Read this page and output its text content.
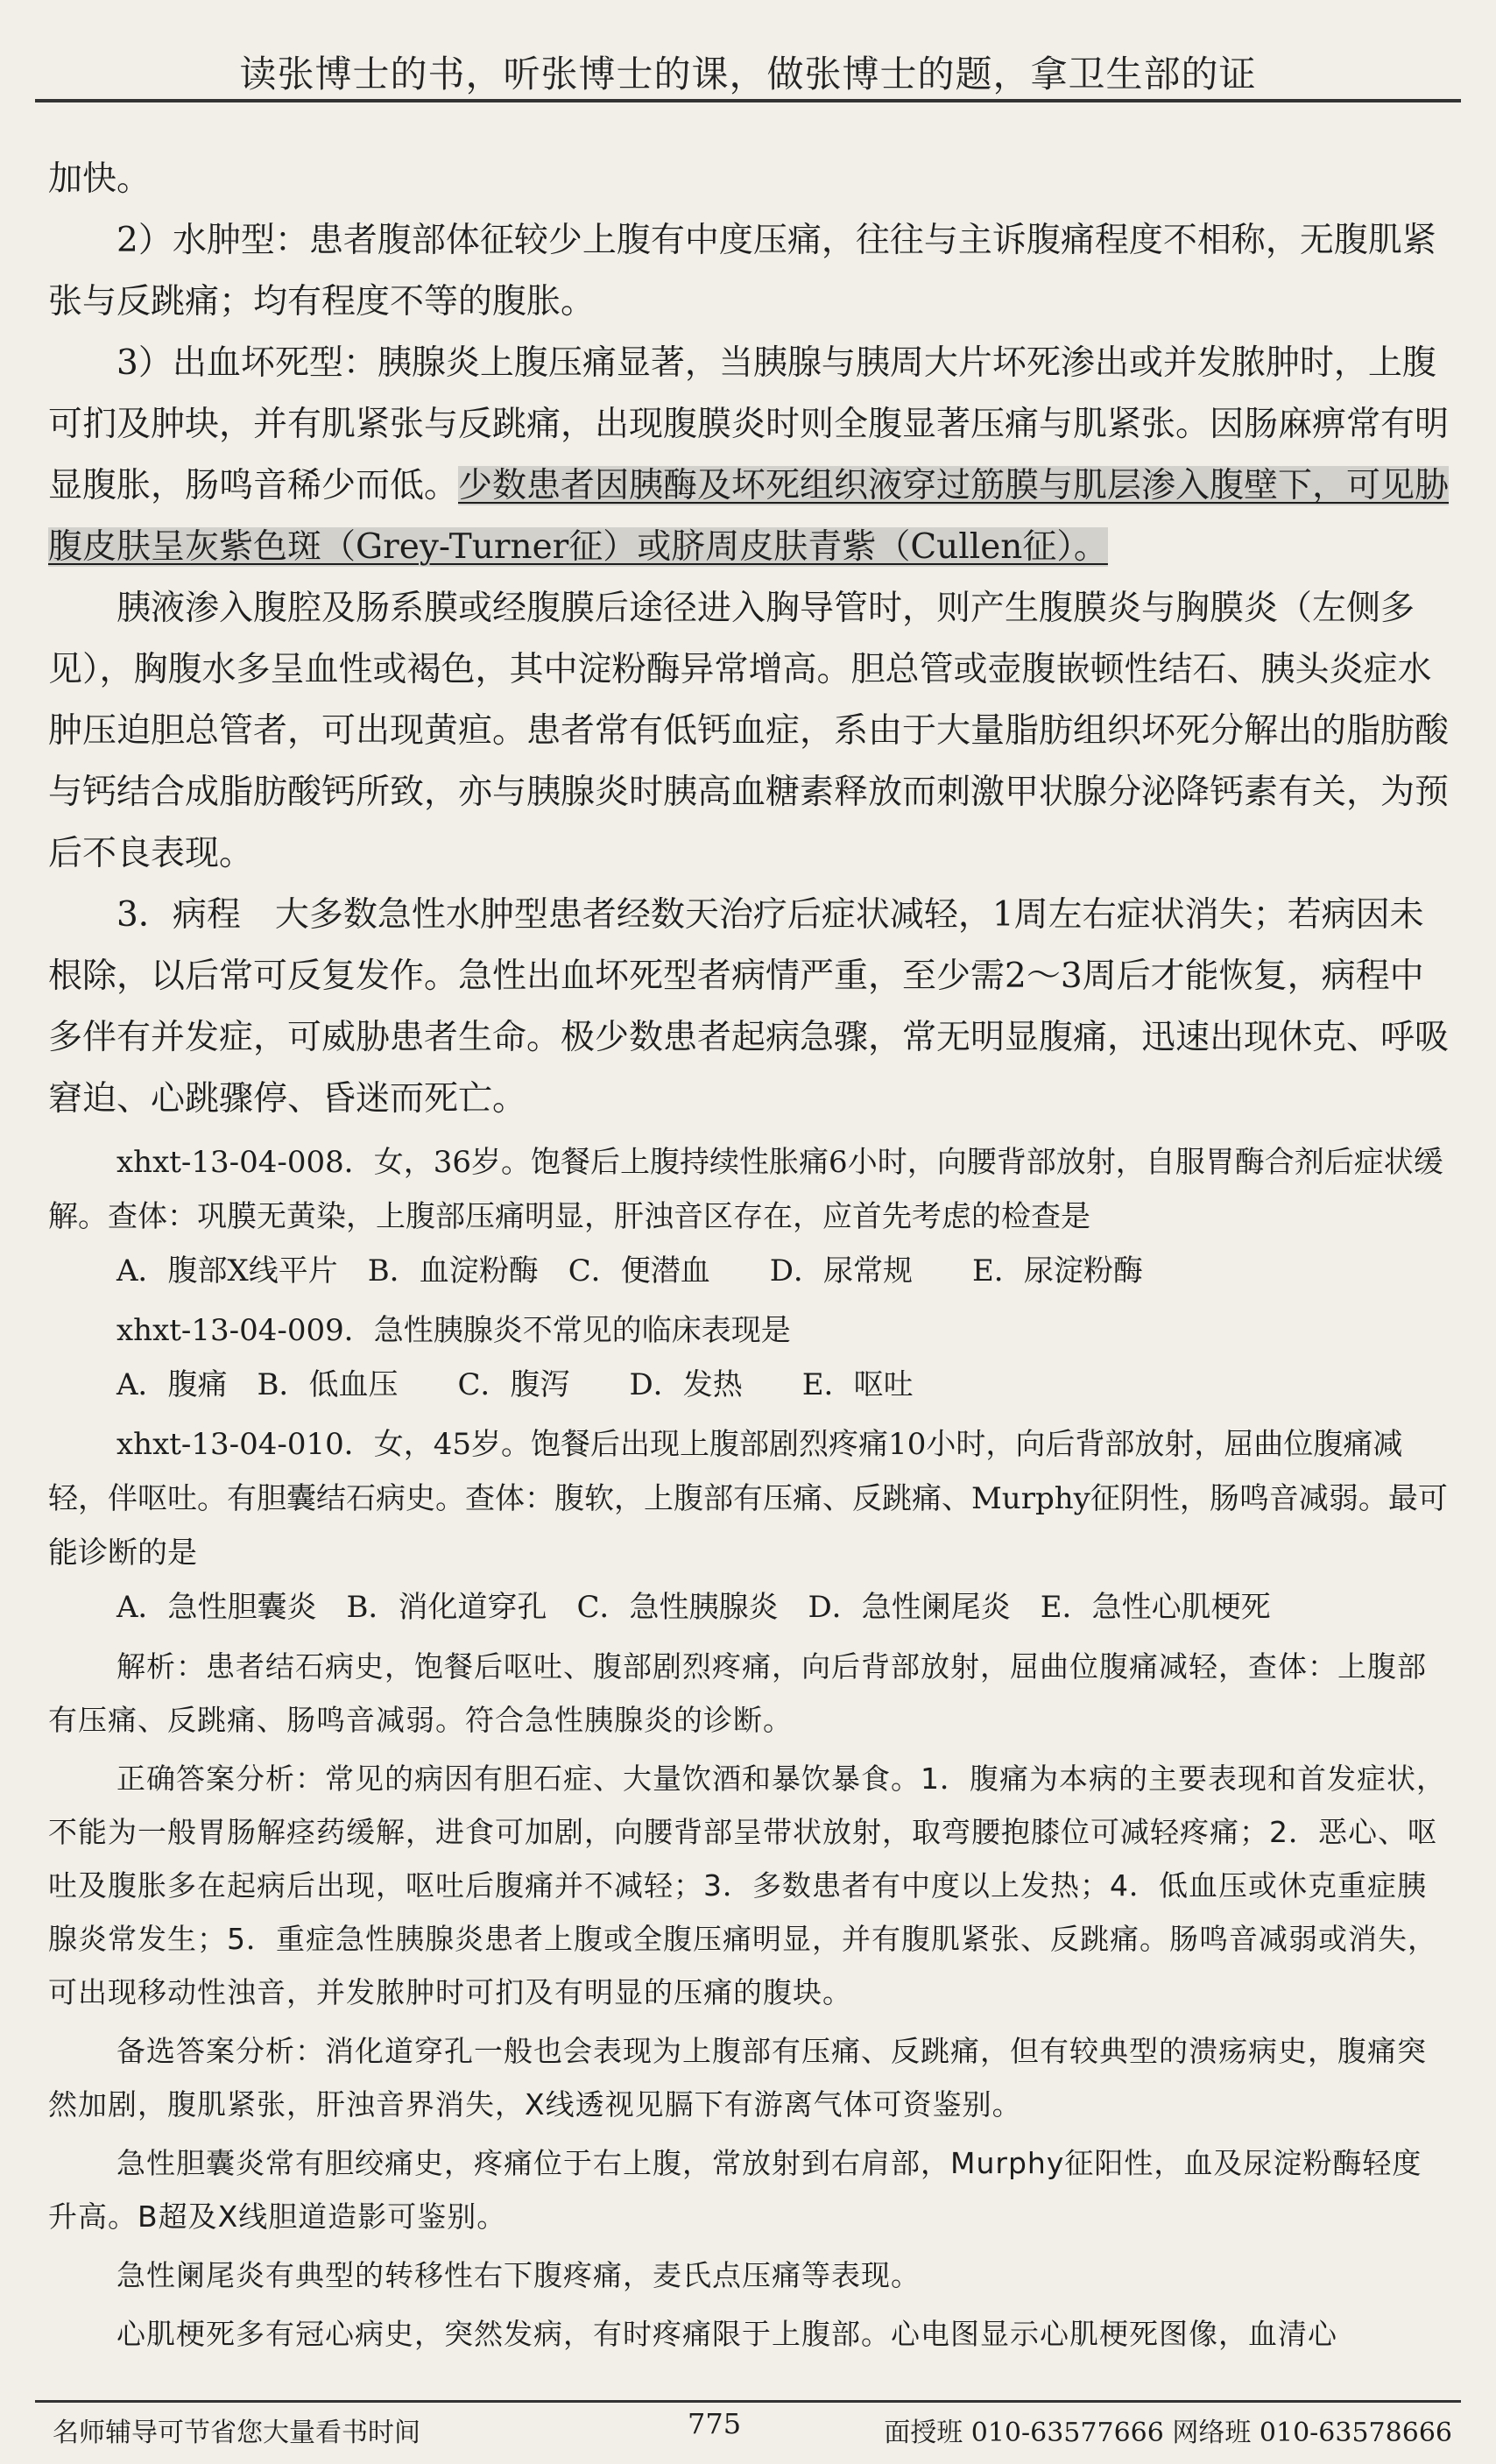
读张博士的书，听张博士的课，做张博士的题，拿卫生部的证

加快。

2）水肿型：患者腹部体征较少上腹有中度压痛，往往与主诉腹痛程度不相称，无腹肌紧张与反跳痛；均有程度不等的腹胀。

3）出血坏死型：胰腺炎上腹压痛显著，当胰腺与胰周大片坏死渗出或并发脓肿时，上腹可扪及肿块，并有肌紧张与反跳痛，出现腹膜炎时则全腹显著压痛与肌紧张。因肠麻痹常有明显腹胀，肠鸣音稀少而低。少数患者因胰酶及坏死组织液穿过筋膜与肌层渗入腹壁下，可见胁腹皮肤呈灰紫色斑（Grey-Turner征）或脐周皮肤青紫（Cullen征）。

胰液渗入腹腔及肠系膜或经腹膜后途径进入胸导管时，则产生腹膜炎与胸膜炎（左侧多见），胸腹水多呈血性或褐色，其中淀粉酶异常增高。胆总管或壶腹嵌顿性结石、胰头炎症水肿压迫胆总管者，可出现黄疸。患者常有低钙血症，系由于大量脂肪组织坏死分解出的脂肪酸与钙结合成脂肪酸钙所致，亦与胰腺炎时胰高血糖素释放而刺激甲状腺分泌降钙素有关，为预后不良表现。

3．病程　大多数急性水肿型患者经数天治疗后症状减轻，1周左右症状消失；若病因未根除，以后常可反复发作。急性出血坏死型者病情严重，至少需2～3周后才能恢复，病程中多伴有并发症，可威胁患者生命。极少数患者起病急骤，常无明显腹痛，迅速出现休克、呼吸窘迫、心跳骤停、昏迷而死亡。

xhxt-13-04-008．女，36岁。饱餐后上腹持续性胀痛6小时，向腰背部放射，自服胃酶合剂后症状缓解。查体：巩膜无黄染，上腹部压痛明显，肝浊音区存在，应首先考虑的检查是

A．腹部X线平片　B．血淀粉酶　C．便潜血　　D．尿常规　　E．尿淀粉酶

xhxt-13-04-009．急性胰腺炎不常见的临床表现是

A．腹痛　B．低血压　　C．腹泻　　D．发热　　E．呕吐

xhxt-13-04-010．女，45岁。饱餐后出现上腹部剧烈疼痛10小时，向后背部放射，屈曲位腹痛减轻，伴呕吐。有胆囊结石病史。查体：腹软，上腹部有压痛、反跳痛、Murphy征阴性，肠鸣音减弱。最可能诊断的是

A．急性胆囊炎　B．消化道穿孔　C．急性胰腺炎　D．急性阑尾炎　E．急性心肌梗死

解析：患者结石病史，饱餐后呕吐、腹部剧烈疼痛，向后背部放射，屈曲位腹痛减轻，查体：上腹部有压痛、反跳痛、肠鸣音减弱。符合急性胰腺炎的诊断。

正确答案分析：常见的病因有胆石症、大量饮酒和暴饮暴食。1．腹痛为本病的主要表现和首发症状，不能为一般胃肠解痉药缓解，进食可加剧，向腰背部呈带状放射，取弯腰抱膝位可减轻疼痛；2．恶心、呕吐及腹胀多在起病后出现，呕吐后腹痛并不减轻；3．多数患者有中度以上发热；4．低血压或休克重症胰腺炎常发生；5．重症急性胰腺炎患者上腹或全腹压痛明显，并有腹肌紧张、反跳痛。肠鸣音减弱或消失，可出现移动性浊音，并发脓肿时可扪及有明显的压痛的腹块。

备选答案分析：消化道穿孔一般也会表现为上腹部有压痛、反跳痛，但有较典型的溃疡病史，腹痛突然加剧，腹肌紧张，肝浊音界消失，X线透视见膈下有游离气体可资鉴别。

急性胆囊炎常有胆绞痛史，疼痛位于右上腹，常放射到右肩部，Murphy征阳性，血及尿淀粉酶轻度升高。B超及X线胆道造影可鉴别。

急性阑尾炎有典型的转移性右下腹疼痛，麦氏点压痛等表现。

心肌梗死多有冠心病史，突然发病，有时疼痛限于上腹部。心电图显示心肌梗死图像，血清心

名师辅导可节省您大量看书时间	775	面授班 010-63577666 网络班 010-63578666
